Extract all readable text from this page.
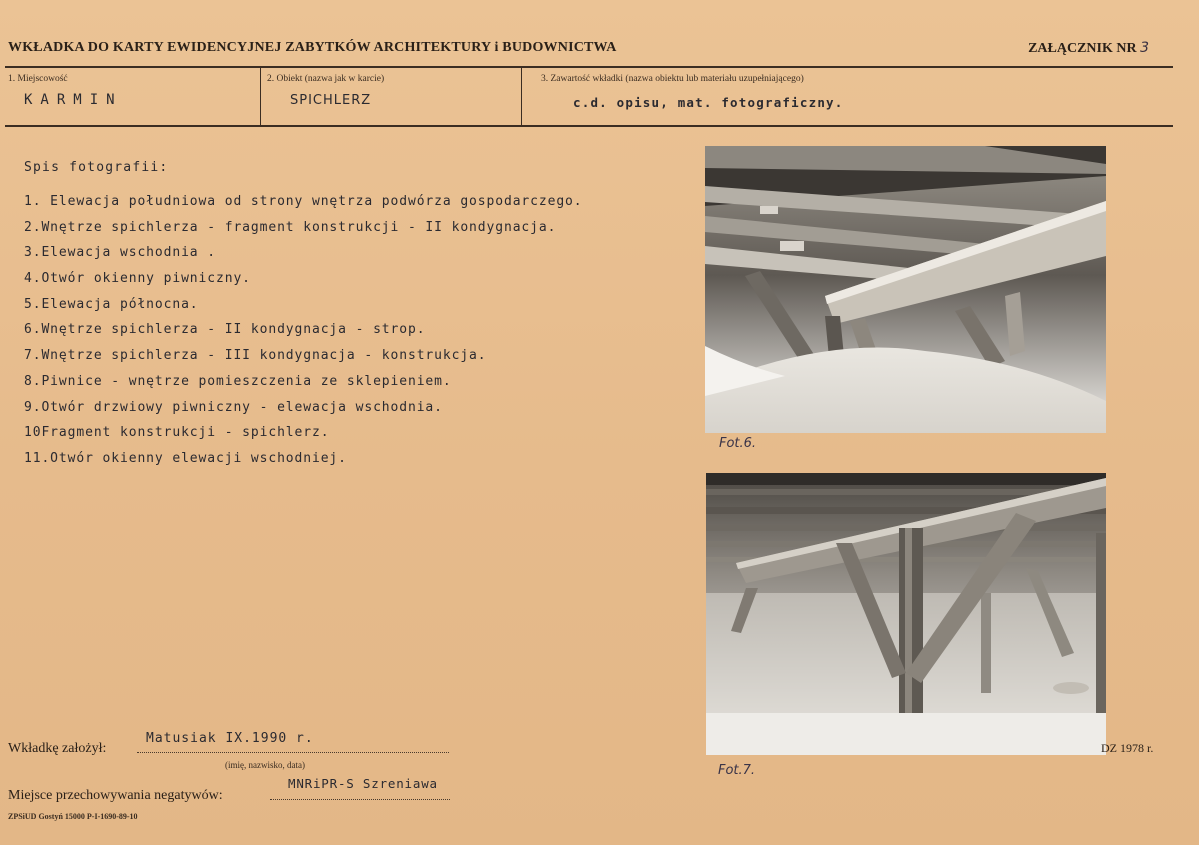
WKŁADKA DO KARTY EWIDENCYJNEJ ZABYTKÓW ARCHITEKTURY i BUDOWNICTWA	ZAŁĄCZNIK NR 3
1. Miejscowość
KARMIN
2. Obiekt (nazwa jak w karcie)
SPICHLERZ
3. Zawartość wkładki (nazwa obiektu lub materiału uzupełniającego)
c.d. opisu, mat. fotograficzny.
Spis fotografii:
1. Elewacja południowa od strony wnętrza podwórza gospodarczego.
2.Wnętrze spichlerza - fragment konstrukcji - II kondygnacja.
3.Elewacja wschodnia .
4.Otwór okienny piwniczny.
5.Elewacja północna.
6.Wnętrze spichlerza - II kondygnacja - strop.
7.Wnętrze spichlerza - III kondygnacja - konstrukcja.
8.Piwnice - wnętrze pomieszczenia ze sklepieniem.
9.Otwór drzwiowy piwniczny - elewacja wschodnia.
10Fragment konstrukcji - spichlerz.
11.Otwór okienny elewacji wschodniej.
Fot.6.
Fot.7.
DZ 1978 r.
Wkładkę założył:
Matusiak IX.1990 r.
(imię, nazwisko, data)
Miejsce przechowywania negatywów:
MNRiPR-S Szreniawa
ZPSiUD Gostyń 15000 P-I-1690-89-10
